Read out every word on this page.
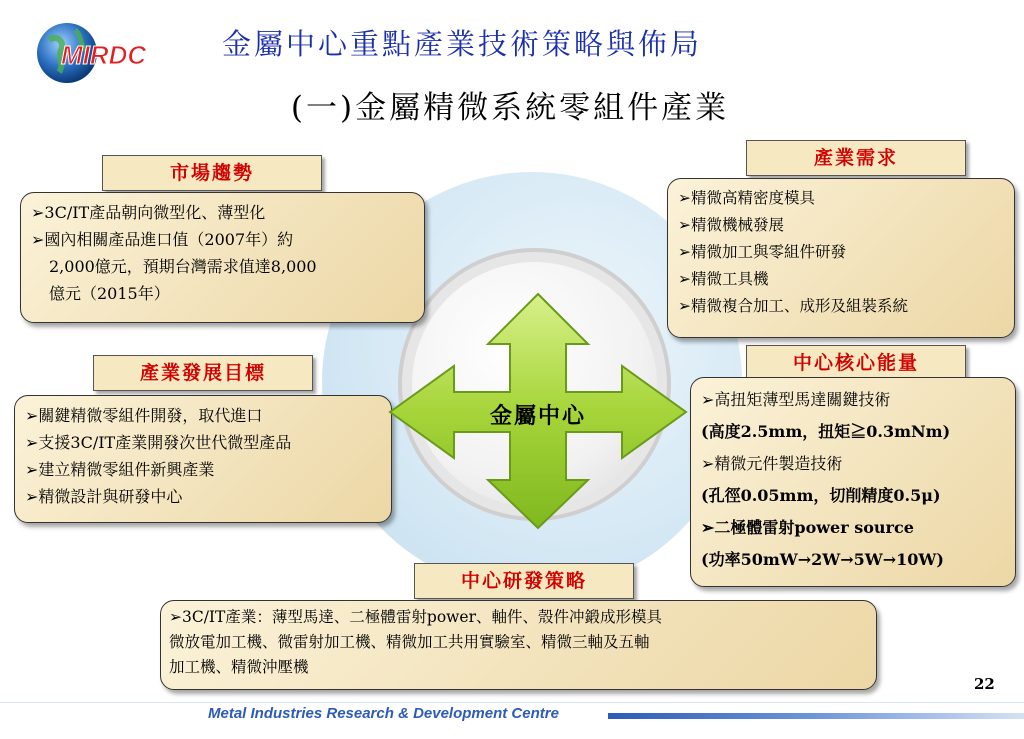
MIRDC	金屬中心重點產業技術策略與佈局
(一)金屬精微系統零組件產業
市場趨勢
➢3C/IT產品朝向微型化、薄型化
➢國內相關產品進口值（2007年）約
2,000億元，預期台灣需求值達8,000
億元（2015年）
產業需求
➢精微高精密度模具
➢精微機械發展
➢精微加工與零組件研發
➢精微工具機
➢精微複合加工、成形及組裝系統
產業發展目標
➢關鍵精微零組件開發，取代進口
➢支援3C/IT產業開發次世代微型產品
➢建立精微零組件新興產業
➢精微設計與研發中心
中心核心能量
➢高扭矩薄型馬達關鍵技術
(高度2.5mm，扭矩≧0.3mNm)
➢精微元件製造技術
(孔徑0.05mm，切削精度0.5μ)
➢二極體雷射power source
(功率50mW→2W→5W→10W)
金屬中心
中心研發策略
➢3C/IT產業：薄型馬達、二極體雷射power、軸件、殼件冲鍛成形模具
微放電加工機、微雷射加工機、精微加工共用實驗室、精微三軸及五軸
加工機、精微沖壓機
22
Metal Industries Research & Development Centre
